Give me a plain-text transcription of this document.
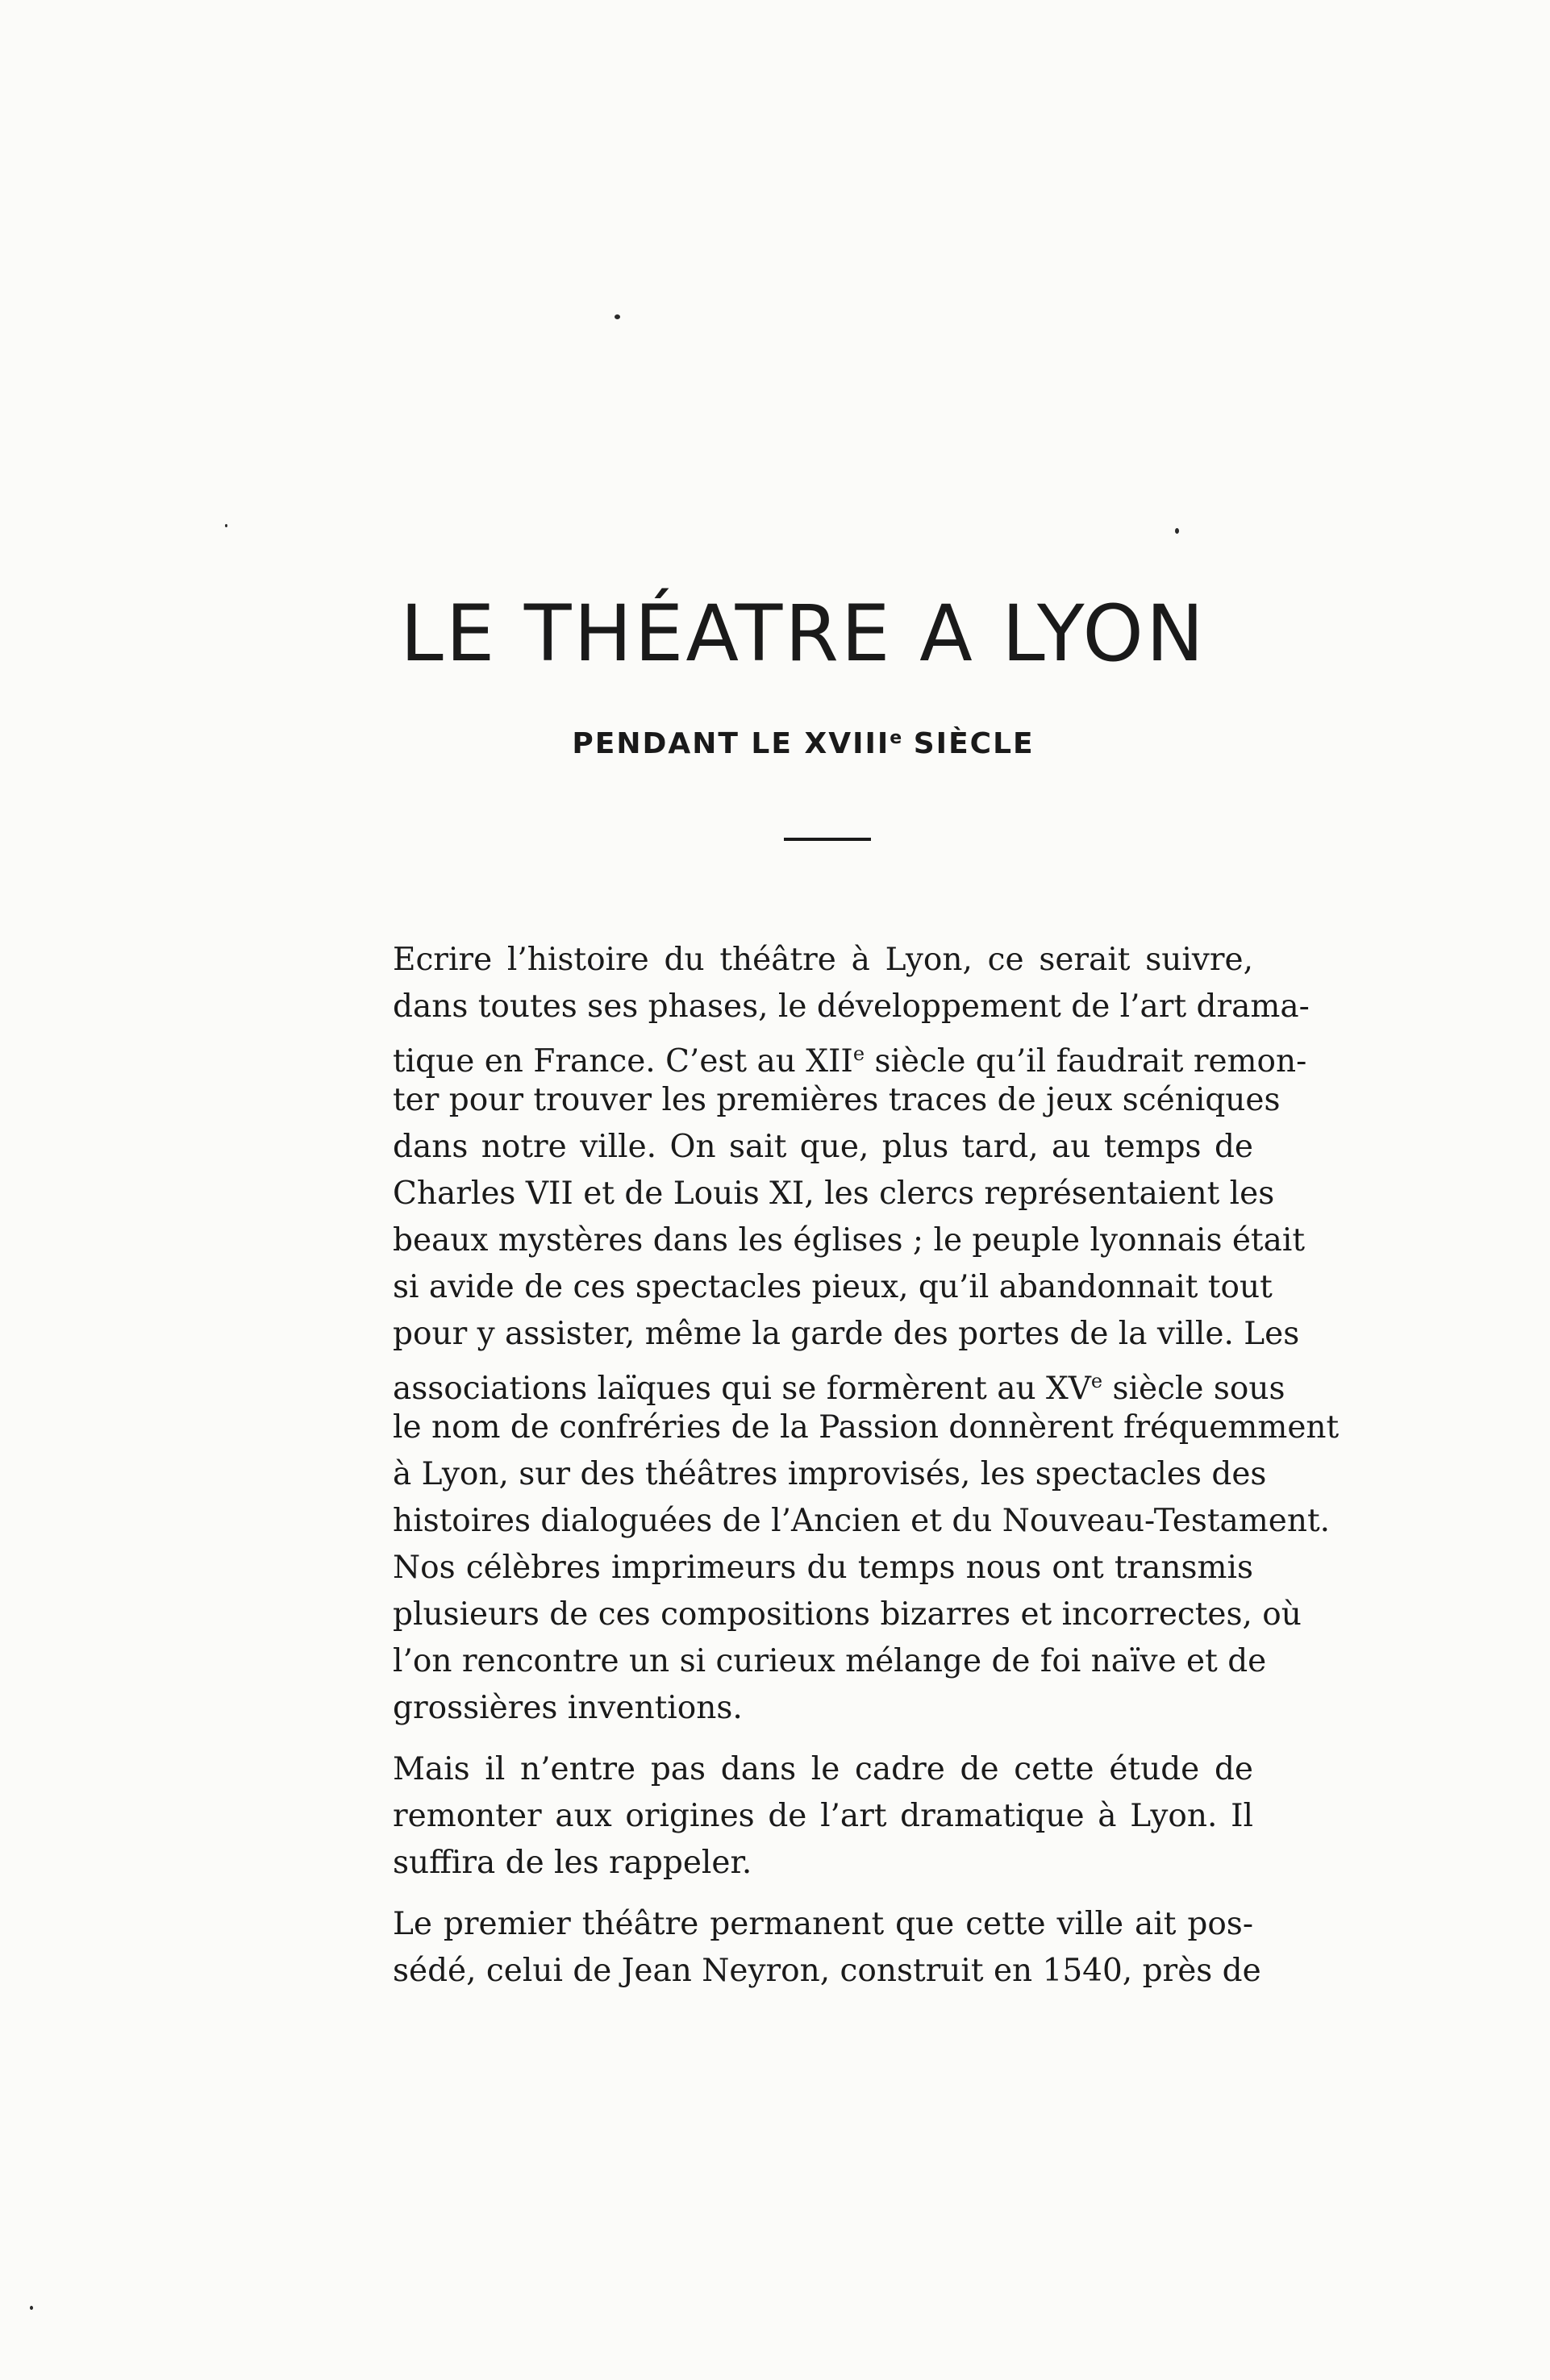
LE THÉATRE A LYON
PENDANT LE XVIIIe SIÈCLE
Ecrire l’histoire du théâtre à Lyon, ce serait suivre,
dans toutes ses phases, le développement de l’art drama-
tique en France. C’est au XIIe siècle qu’il faudrait remon-
ter pour trouver les premières traces de jeux scéniques
dans notre ville. On sait que, plus tard, au temps de
Charles VII et de Louis XI, les clercs représentaient les
beaux mystères dans les églises ; le peuple lyonnais était
si avide de ces spectacles pieux, qu’il abandonnait tout
pour y assister, même la garde des portes de la ville. Les
associations laïques qui se formèrent au XVe siècle sous
le nom de confréries de la Passion donnèrent fréquemment
à Lyon, sur des théâtres improvisés, les spectacles des
histoires dialoguées de l’Ancien et du Nouveau-Testament.
Nos célèbres imprimeurs du temps nous ont transmis
plusieurs de ces compositions bizarres et incorrectes, où
l’on rencontre un si curieux mélange de foi naïve et de
grossières inventions.
Mais il n’entre pas dans le cadre de cette étude de
remonter aux origines de l’art dramatique à Lyon. Il
suffira de les rappeler.
Le premier théâtre permanent que cette ville ait pos-
sédé, celui de Jean Neyron, construit en 1540, près de
